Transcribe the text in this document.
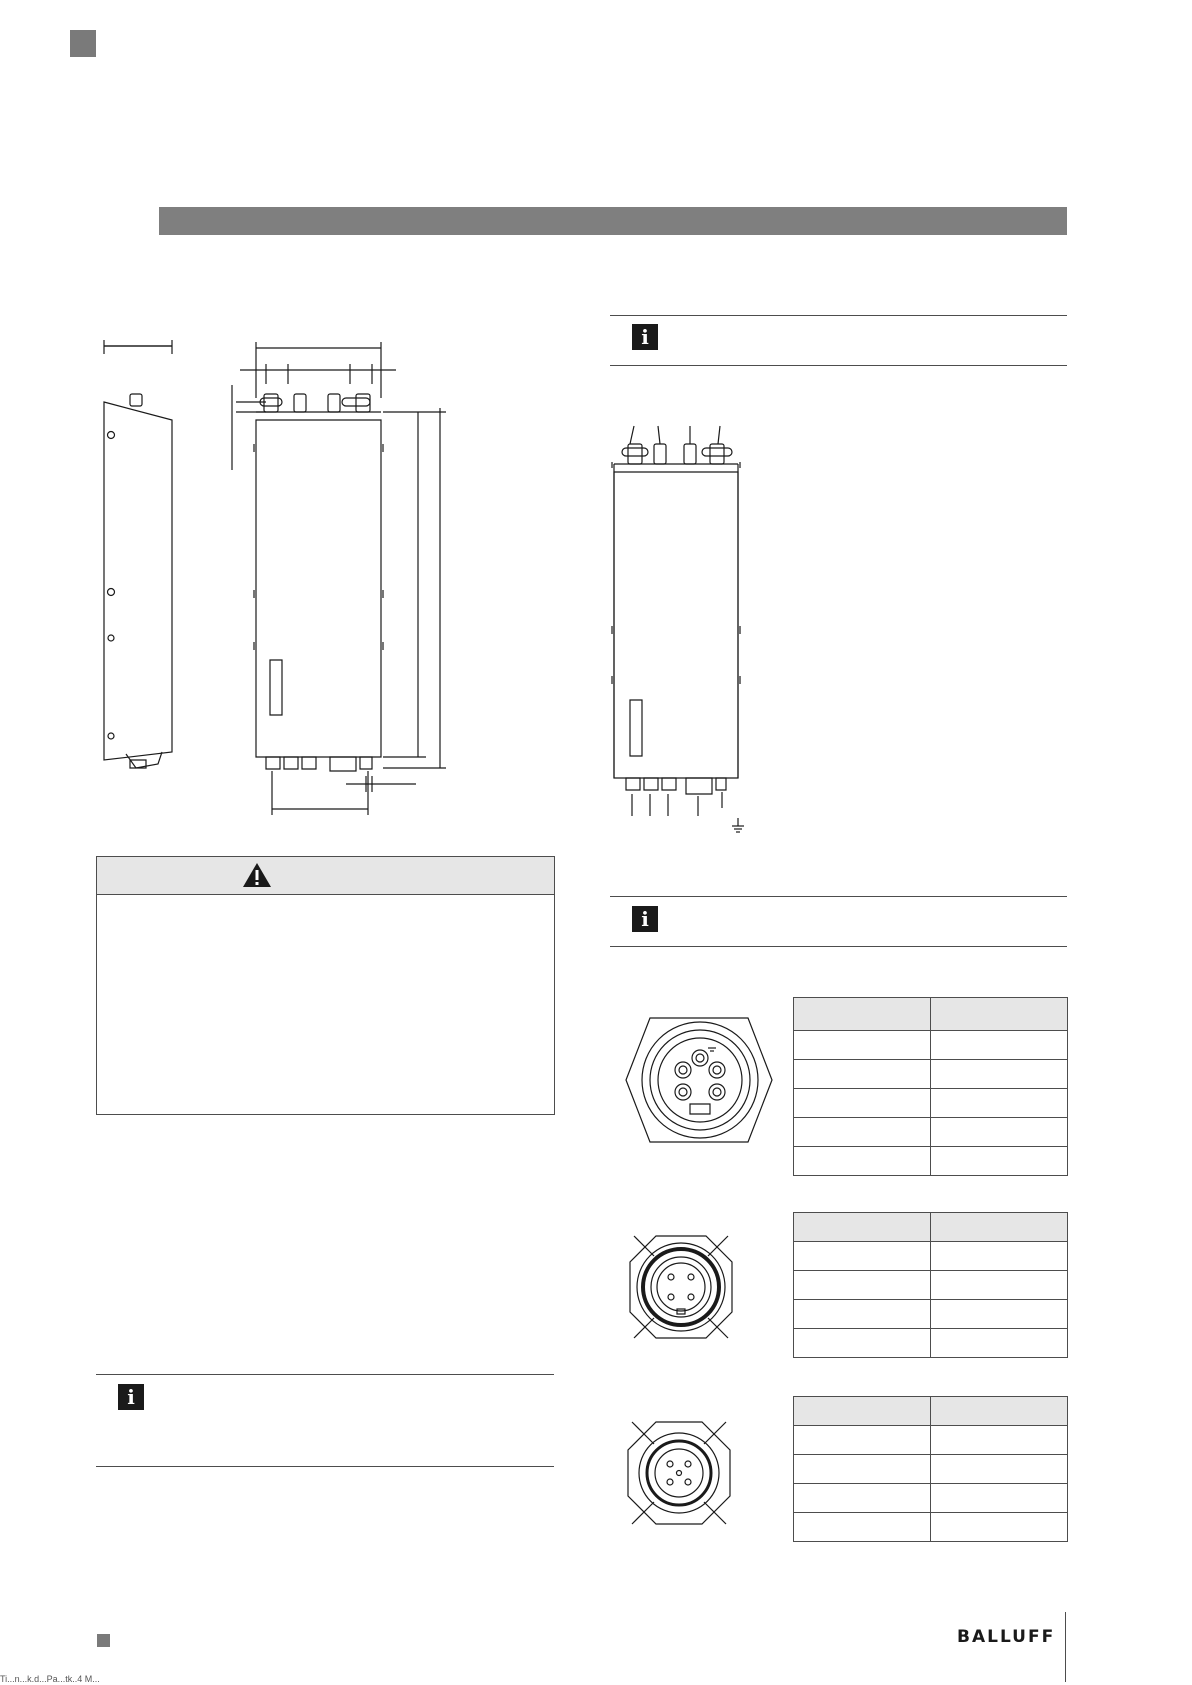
i
i
i

BALLUFF
Ti...n...k.d...Pa...tk..4 M...
